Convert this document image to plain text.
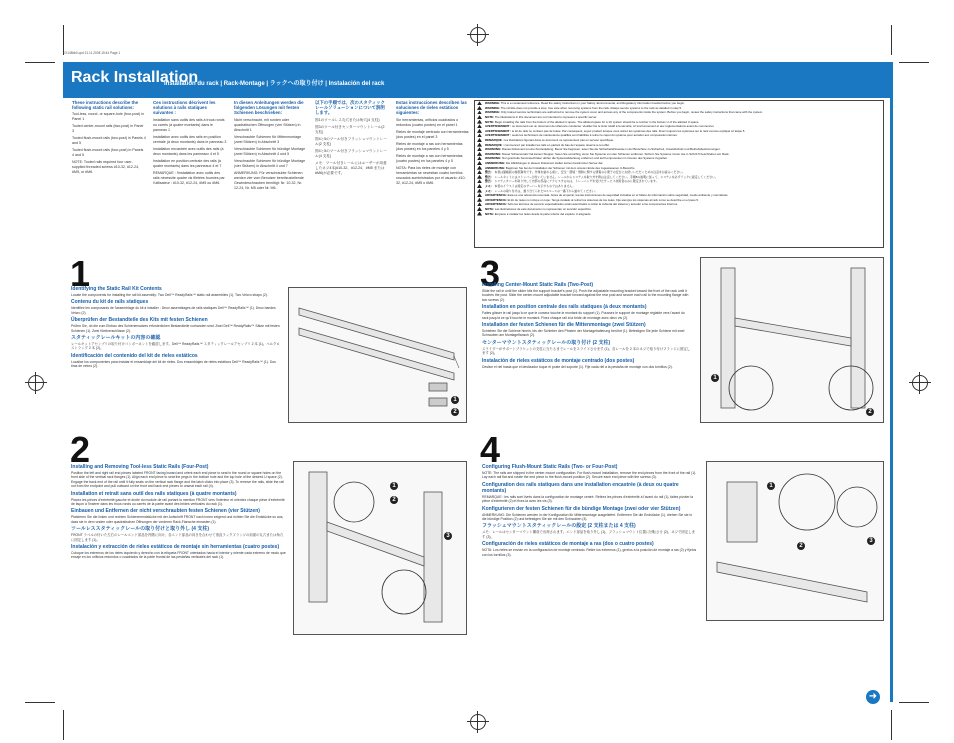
YX148bk0.qxd 21.11.2008 15:44 Page 1
Rack Installation
Installation du rack | Rack-Montage | ラックへの取り付け | Instalación del rack
These instructions describe the following static rail solutions:

Tool-less, round- or square-hole (four-post) in Panel 1

Tooled center-mount rails (two-post) in Panel 3

Tooled flush-mount rails (two-post) in Panels 4 and 5

Tooled flush-mount rails (four-post) in Panels 4 and 5

NOTE: Tooled rails required four user-supplied threaded screws #10-32, #12-24, #M5, or #M6.

Ces instructions décrivent les solutions à rails statiques suivantes :

Installation sans outils des rails à trous ronds ou carrés (à quatre montants) dans le panneau 1

Installation avec outils des rails en position centrale (à deux montants) dans le panneau 3

Installation encastrée avec outils des rails (à deux montants) dans les panneaux 4 et 5

Installation en position centrale des rails (à quatre montants) dans les panneaux 4 et 7

REMARQUE : l'installation avec outils des rails nécessite quatre vis filetées fournies par l'utilisateur : #10-32, #12-24, #M5 ou #M6.

In diesen Anleitungen werden die folgenden Lösungen mit festen Schienen beschrieben:

Nicht verschraubt, mit runden oder quadratischen Öffnungen (vier Stützen) in Abschnitt 1

Verschraubte Schienen für Mittenmontage (zwei Stützen) in Abschnitt 3

Verschraubte Schienen für bündige Montage (zwei Stützen) in Abschnitt 4 und 5

Verschraubte Schienen für bündige Montage (vier Stützen) in Abschnitt 4 und 7

ANMERKUNG: Für verschraubte Schienen werden vier vom Benutzer bereitzustellende Gewindeschrauben benötigt: Nr. 10-32, Nr. 12-24, Nr. M5 oder Nr. M6.

以下の手順では、次のスタティックレールソリューションについて説明します。

図1のツールレス丸穴または角穴(4 支柱)

図3のツール付きセンターマウントレール(2 支柱)

図4と5のツール付きフラッシュマウントレール(2 支柱)

図4と5のツール付きフラッシュマウントレール(4 支柱)

メモ：ツール付きレールにはユーザーが用意したネジ4本(#10-32、#12-24、#M5 または #M6)が必要です。

Estas instrucciones describen las soluciones de rieles estáticos siguientes:

Sin herramientas, orificios cuadrados o redondos (cuatro postes) en el panel 1

Rieles de montaje centrado con herramientas (dos postes) en el panel 3

Rieles de montaje a ras con herramientas (dos postes) en los paneles 4 y 5

Rieles de montaje a ras con herramientas (cuatro postes) en los paneles 4 y 5

NOTA: Para los rieles de montaje con herramientas se necesitan cuatro tornillos roscados suministrados por el usuario: #10-32, #12-24, #M5 o #M6.

WARNING: This is a condensed reference. Read the safety instructions in your Safety, Environmental, and Regulatory Information booklet before you begin.
WARNING: The rail kits does not provide a stop. Use care when removing systems from the rails. Always secure systems to the rack as detailed in step 5.
WARNING: Only trained service technicians are authorized to remove the system cover and access any of the components inside the system. Before you begin, review the safety instructions that came with the system.
NOTE: The illustrations in this document are not intended to represent a specific server.
NOTE: Begin installing the rails from the bottom of the allotted U space. The allotted space for a 1U system should be a number in the bottom U of the allotted U space.
AVERTISSEMENT : ce document est un document de référence condensé. Veuillez lire le livret relatif à la sécurité, à l'environnement et aux réglementations avant de commencer.
AVERTISSEMENT : le kit de rails ne contient pas de butée. Par conséquent, soyez prudent lorsque vous retirez les systèmes des rails. Fixez toujours les systèmes sur le rack comme expliqué à l'étape 5.
AVERTISSEMENT : seuls les techniciens de maintenance qualifiés sont habilités à retirer le capot du système pour accéder aux composants internes.
REMARQUE : les illustrations figurant dans ce document ne représentent pas un serveur spécifique.
REMARQUE : commencez par installer les rails en partant du bas de l'espace réservé à cet effet.
WARNUNG: Dieses Dokument ist eine Kurzanleitung. Bevor Sie beginnen, lesen Sie die Sicherheitshinweise in der Broschüre zu Sicherheit, Umweltschutz und Betriebsbestimmungen.
WARNUNG: Dieser Schienensatz hat keinen Stopper. Seien Sie vorsichtig, wenn Sie Systeme von den Schienen entfernen. Sichern Sie Systeme immer wie in Schritt 5 beschrieben am Rack.
WARNUNG: Nur geschulte Servicetechniker dürfen die Systemabdeckung entfernen und auf Komponenten im Inneren des Systems zugreifen.
ANMERKUNG: Die Abbildungen in diesem Dokument stellen keinen bestimmten Server dar.
ANMERKUNG: Beginnen Sie bei der Installation der Schienen mit dem unteren Ende des zugewiesenen U-Bereichs.
警告： 本書は簡略版の参照資料です。作業を始める前に、安全・環境・規制に関する情報の小冊子の安全にお使いいただくための注意をお読みください。
警告： レールキットにはストッパーが付いていません。レールからシステムを取り外す際は注意してください。手順5の説明に従って、システムを必ずラックに固定してください。
警告： システムカバーを取り外して内部の部品にアクセスするのは、トレーニングを受けたサービス技術者のみに限定されています。
メモ： 本書のイラストは特定のサーバーを示すものではありません。
メモ： レールの取り付けは、割り当てられたUスペースの一番下から始めてください。
ADVERTENCIA: Esta es una referencia resumida. Antes de empezar, lea las instrucciones de seguridad incluidas en el folleto de información sobre seguridad, medio ambiente y normativas.
ADVERTENCIA: El kit de rieles no incluye un tope. Tenga cuidado al retirar los sistemas de los rieles. Fije siempre los sistemas al rack como se describe en el paso 5.
ADVERTENCIA: Sólo los técnicos de servicio especializados están autorizados a retirar la cubierta del sistema y acceder a los componentes internos.
NOTA: Las ilustraciones de este documento no representan un servidor específico.
NOTA: Empiece a instalar los rieles desde la parte inferior del espacio U asignado.
1
Identifying the Static Rail Kit Contents

Locate the components for installing the rail kit assembly: Two Dell™ ReadyRails™ static rail assemblies (1). Two Velcro straps (2).

Contenu du kit de rails statiques

Identifiez les composants de l'assemblage du kit à installer : Deux assemblages de rails statiques Dell™ ReadyRails™ (1). Deux bandes Velcro (2).

Überprüfen der Bestandteile des Kits mit festen Schienen

Prüfen Sie, ob die zum Einbau des Schienensatzes erforderlichen Bestandteile vorhanden sind: Zwei Dell™ ReadyRails™ Sätze mit festen Schienen (1). Zwei Klettverschlüsse (2).

スタティックレールキットの内容の確認

レールキットアセンブリの取り付けコンポーネントを確認します。Dell™ ReadyRails™ スタティックレールアセンブリ 2 本 (1)。ベルクロストラップ 2 本 (2)。

Identificación del contenido del kit de rieles estáticos

Localice los componentes para instalar el ensamblaje del kit de rieles. Dos ensamblajes de rieles estáticos Dell™ ReadyRails™ (1). Dos tiras de velcro (2).

1
2
2
Installing and Removing Tool-less Static Rails (Four-Post)

Position the left and right rail end pieces labeled FRONT facing inward and orient each end piece to seat in the round or square holes on the front side of the vertical rack flanges (1). Align each end piece to seat the pegs in the bottom hole and the top hole of the desired U space (2). Engage the back end of the rail until it fully seats on the vertical rack flange and the latch clicks into place (3). To remove the rails, slide the rail out from the endpoint and pull outward on the front and back end pieces to unseat each rail (4).

Installation et retrait sans outil des rails statiques (à quatre montants)

Placez les pièces d'extrémité gauche et droite du module de rail portant la mention FRONT vers l'intérieur et orientez chaque pièce d'extrémité de façon à l'insérer dans les trous ronds ou carrés de la partie avant des brides verticales du rack (1).

Einbauen und Entfernen der nicht verschraubten festen Schienen (vier Stützen)

Platzieren Sie die linken und rechten Schienenendstücke mit der Aufschrift FRONT nach innen zeigend und richten Sie die Endstücke so aus, dass sie in den runden oder quadratischen Öffnungen der vorderen Rack-Flansche einrasten (1).

ツールレススタティックレールの取り付けと取り外し (4 支柱)

FRONT ラベルの付いた左右のレールエンド部品を内側に向け、各エンド部品の向きを合わせて垂直ラックフランジの前面の丸穴または角穴に固定します (1)。

Instalación y extracción de rieles estáticos de montaje sin herramientas (cuatro postes)

Coloque los extremos de los rieles izquierdo y derecho con la etiqueta FRONT orientados hacia el interior y oriente cada extremo de modo que encaje en los orificios redondos o cuadrados de la parte frontal de las pestañas verticales del rack (1).

1
2
3
3
Installing Center-Mount Static Rails (Two-Post)

Slide the rail in until the slider hits the support bracket's post (1). Push the adjustable mounting bracket toward the front of the rack until it touches the post. Slide the center-mount adjustable bracket forward against the rear post and secure each rail to the mounting flange with two screws (2).

Installation en position centrale des rails statiques (à deux montants)

Faites glisser le rail jusqu'à ce que le curseur touche le montant du support (1). Poussez le support de montage réglable vers l'avant du rack jusqu'à ce qu'il touche le montant. Fixez chaque rail à la bride de montage avec deux vis (2).

Installation der festen Schienen für die Mittenmontage (zwei Stützen)

Schieben Sie die Schiene hinein, bis der Schieber den Pfosten der Montagehalterung berührt (1). Befestigen Sie jede Schiene mit zwei Schrauben am Montageflansch (2).

センターマウントスタティックレールの取り付け (2 支柱)

スライダーがサポートブラケットの支柱に当たるまでレールをスライドさせます (1)。各レールを 2 本のネジで取り付けフランジに固定します (2)。

Instalación de rieles estáticos de montaje centrado (dos postes)

Deslice el riel hasta que el deslizador toque el poste del soporte (1). Fije cada riel a la pestaña de montaje con dos tornillos (2).

1
2
4
Configuring Flush-Mount Static Rails (Two- or Four-Post)

NOTE: The rails are shipped in the center-mount configuration. For flush-mount installation, remove the end pieces from the front of the rail (1). Lay each rail flat and rotate the end piece to the flush-mount position (2). Secure each end piece with the screws (3).

Configuration des rails statiques dans une installation encastrée (à deux ou quatre montants)

REMARQUE : les rails sont livrés dans la configuration de montage centré. Retirez les pièces d'extrémité à l'avant du rail (1), faites pivoter la pièce d'extrémité (2) et fixez-la avec les vis (3).

Konfigurieren der festen Schienen für die bündige Montage (zwei oder vier Stützen)

ANMERKUNG: Die Schienen werden in der Konfiguration für Mittenmontage ausgeliefert. Entfernen Sie die Endstücke (1), drehen Sie sie in die bündige Position (2) und befestigen Sie sie mit den Schrauben (3).

フラッシュマウントスタティックレールの設定 (2 支柱または 4 支柱)

メモ：レールはセンターマウント構成で出荷されます。エンド部品を取り外し (1)、フラッシュマウント位置に回転させ (2)、ネジで固定します (3)。

Configuración de rieles estáticos de montaje a ras (dos o cuatro postes)

NOTA: Los rieles se envían en la configuración de montaje centrado. Retire los extremos (1), gírelos a la posición de montaje a ras (2) y fíjelos con los tornillos (3).

1
2
3
➜
